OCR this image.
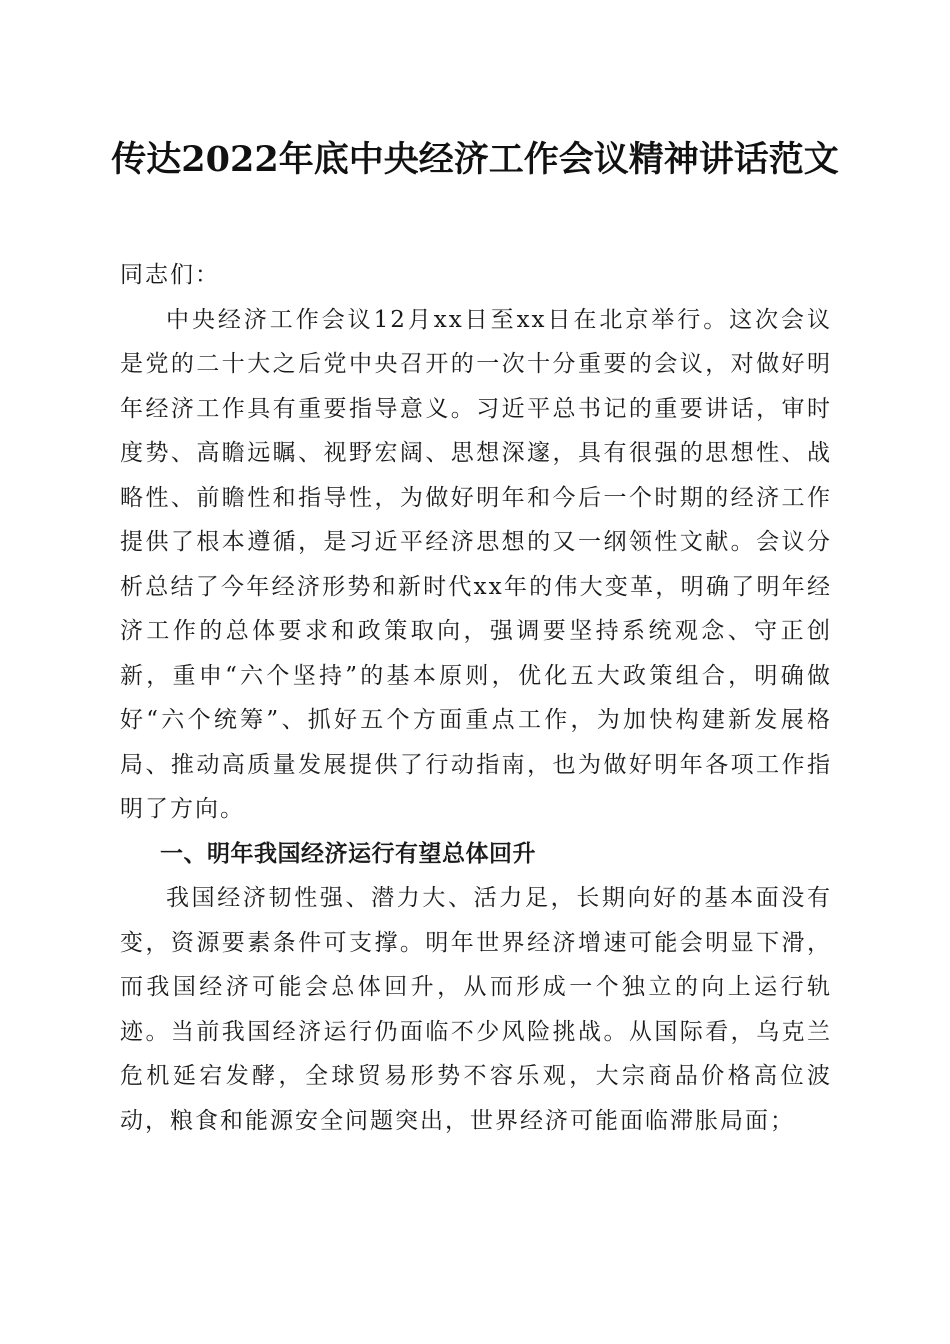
传达2022年底中央经济工作会议精神讲话范文

同志们：

中央经济工作会议12月xx日至xx日在北京举行。这次会议是党的二十大之后党中央召开的一次十分重要的会议，对做好明年经济工作具有重要指导意义。习近平总书记的重要讲话，审时度势、高瞻远瞩、视野宏阔、思想深邃，具有很强的思想性、战略性、前瞻性和指导性，为做好明年和今后一个时期的经济工作提供了根本遵循，是习近平经济思想的又一纲领性文献。会议分析总结了今年经济形势和新时代xx年的伟大变革，明确了明年经济工作的总体要求和政策取向，强调要坚持系统观念、守正创新，重申“六个坚持”的基本原则，优化五大政策组合，明确做好“六个统筹”、抓好五个方面重点工作，为加快构建新发展格局、推动高质量发展提供了行动指南，也为做好明年各项工作指明了方向。

一、明年我国经济运行有望总体回升

我国经济韧性强、潜力大、活力足，长期向好的基本面没有变，资源要素条件可支撑。明年世界经济增速可能会明显下滑，而我国经济可能会总体回升，从而形成一个独立的向上运行轨迹。当前我国经济运行仍面临不少风险挑战。从国际看，乌克兰危机延宕发酵，全球贸易形势不容乐观，大宗商品价格高位波动，粮食和能源安全问题突出，世界经济可能面临滞胀局面；
